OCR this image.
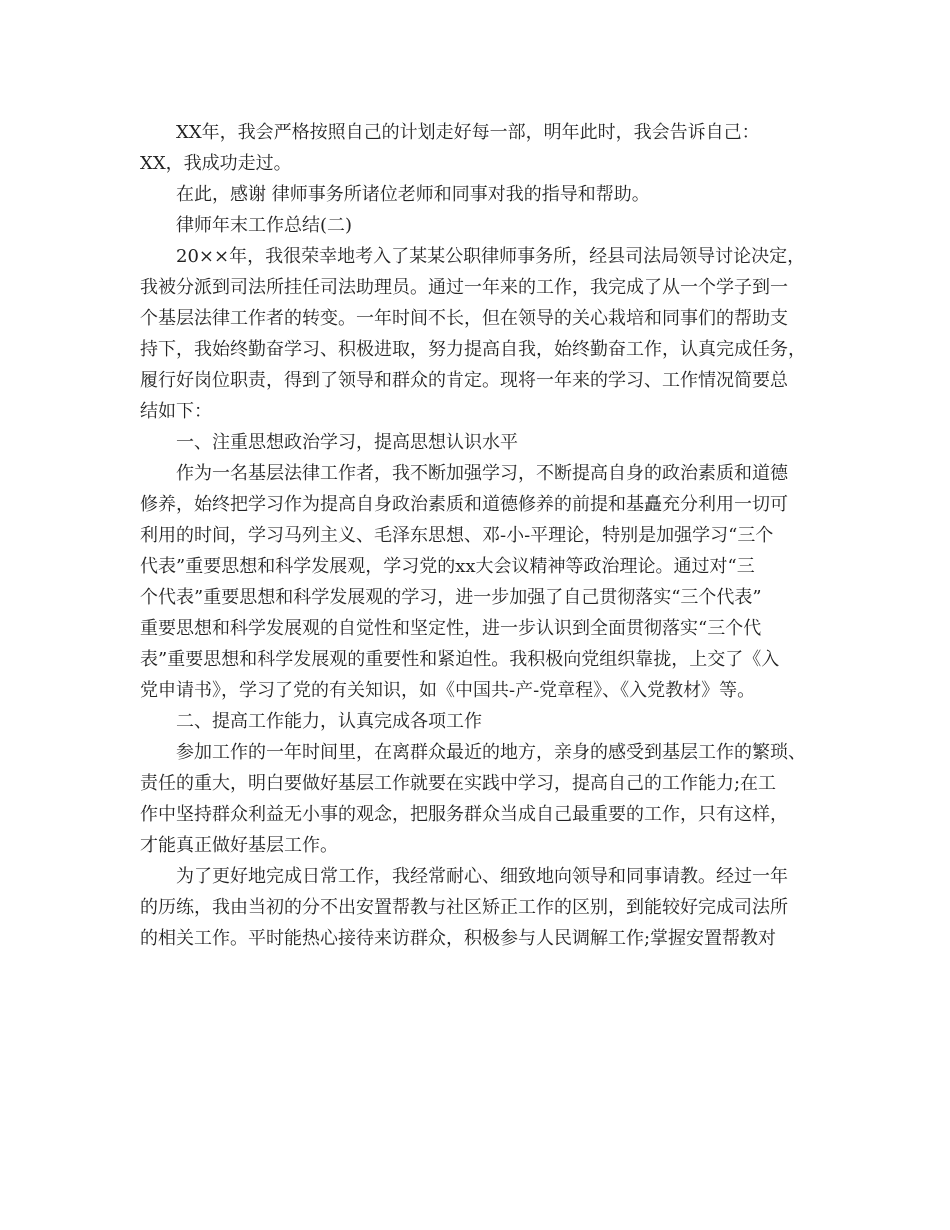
XX年，我会严格按照自己的计划走好每一部，明年此时，我会告诉自己：
XX，我成功走过。
在此，感谢 律师事务所诸位老师和同事对我的指导和帮助。
律师年末工作总结(二)
20××年，我很荣幸地考入了某某公职律师事务所，经县司法局领导讨论决定，
我被分派到司法所挂任司法助理员。通过一年来的工作，我完成了从一个学子到一
个基层法律工作者的转变。一年时间不长，但在领导的关心栽培和同事们的帮助支
持下，我始终勤奋学习、积极进取，努力提高自我，始终勤奋工作，认真完成任务，
履行好岗位职责，得到了领导和群众的肯定。现将一年来的学习、工作情况简要总
结如下：
一、注重思想政治学习，提高思想认识水平
作为一名基层法律工作者，我不断加强学习，不断提高自身的政治素质和道德
修养，始终把学习作为提高自身政治素质和道德修养的前提和基矗充分利用一切可
利用的时间，学习马列主义、毛泽东思想、邓-小-平理论，特别是加强学习“三个
代表”重要思想和科学发展观，学习党的xx大会议精神等政治理论。通过对“三
个代表”重要思想和科学发展观的学习，进一步加强了自己贯彻落实“三个代表”
重要思想和科学发展观的自觉性和坚定性，进一步认识到全面贯彻落实“三个代
表”重要思想和科学发展观的重要性和紧迫性。我积极向党组织靠拢，上交了《入
党申请书》，学习了党的有关知识，如《中国共-产-党章程》、《入党教材》等。
二、提高工作能力，认真完成各项工作
参加工作的一年时间里，在离群众最近的地方，亲身的感受到基层工作的繁琐、
责任的重大，明白要做好基层工作就要在实践中学习，提高自己的工作能力;在工
作中坚持群众利益无小事的观念，把服务群众当成自己最重要的工作，只有这样，
才能真正做好基层工作。
为了更好地完成日常工作，我经常耐心、细致地向领导和同事请教。经过一年
的历练，我由当初的分不出安置帮教与社区矫正工作的区别，到能较好完成司法所
的相关工作。平时能热心接待来访群众，积极参与人民调解工作;掌握安置帮教对
